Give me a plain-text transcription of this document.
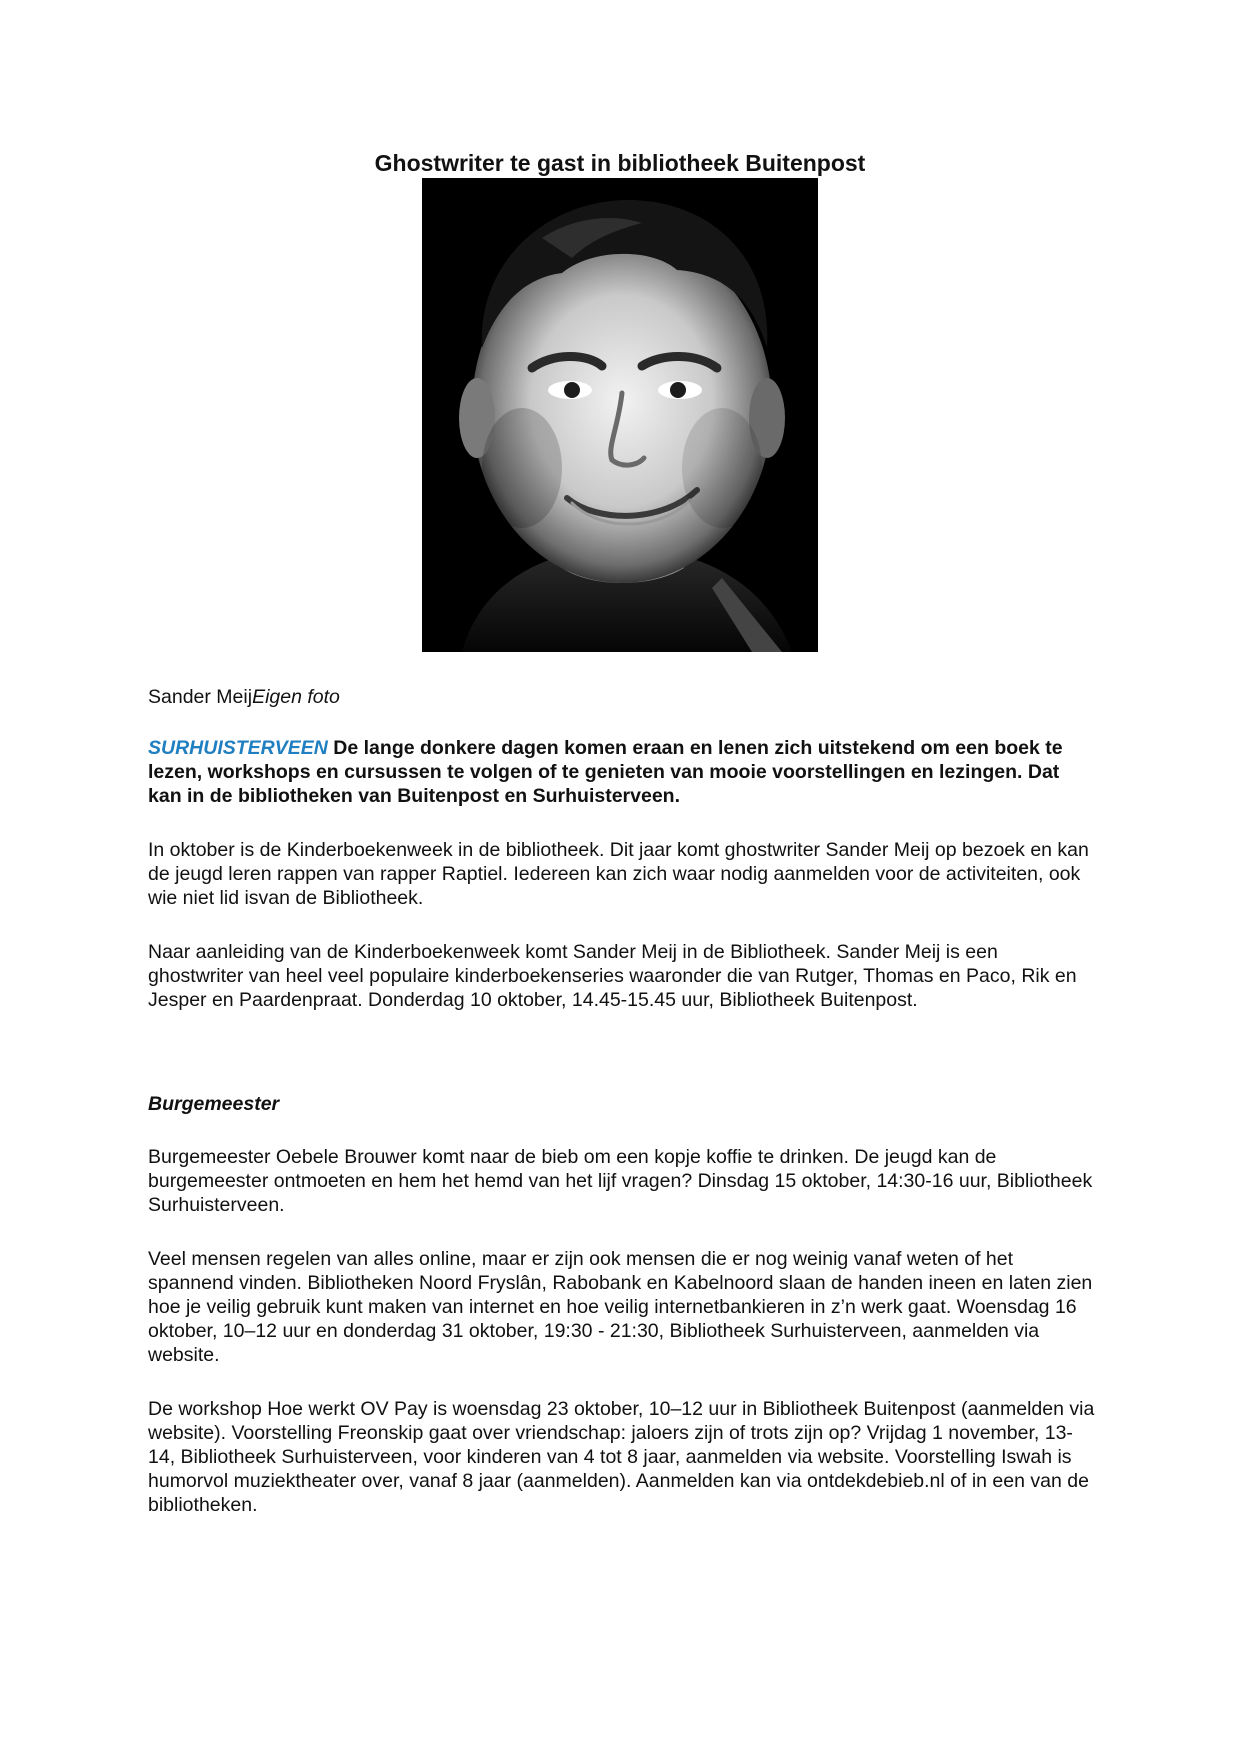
Ghostwriter te gast in bibliotheek Buitenpost

Sander MeijEigen foto

SURHUISTERVEEN De lange donkere dagen komen eraan en lenen zich uitstekend om een boek te lezen, workshops en cursussen te volgen of te genieten van mooie voorstellingen en lezingen. Dat kan in de bibliotheken van Buitenpost en Surhuisterveen.

In oktober is de Kinderboekenweek in de bibliotheek. Dit jaar komt ghostwriter Sander Meij op bezoek en kan de jeugd leren rappen van rapper Raptiel. Iedereen kan zich waar nodig aanmelden voor de activiteiten, ook wie niet lid isvan de Bibliotheek.

Naar aanleiding van de Kinderboekenweek komt Sander Meij in de Bibliotheek. Sander Meij is een ghostwriter van heel veel populaire kinderboekenseries waaronder die van Rutger, Thomas en Paco, Rik en Jesper en Paardenpraat. Donderdag 10 oktober, 14.45-15.45 uur, Bibliotheek Buitenpost.

Burgemeester

Burgemeester Oebele Brouwer komt naar de bieb om een kopje koffie te drinken. De jeugd kan de burgemeester ontmoeten en hem het hemd van het lijf vragen? Dinsdag 15 oktober, 14:30-16 uur, Bibliotheek Surhuisterveen.

Veel mensen regelen van alles online, maar er zijn ook mensen die er nog weinig vanaf weten of het spannend vinden. Bibliotheken Noord Fryslân, Rabobank en Kabelnoord slaan de handen ineen en laten zien hoe je veilig gebruik kunt maken van internet en hoe veilig internetbankieren in z’n werk gaat. Woensdag 16 oktober, 10–12 uur en donderdag 31 oktober, 19:30 - 21:30, Bibliotheek Surhuisterveen, aanmelden via website.

De workshop Hoe werkt OV Pay is woensdag 23 oktober, 10–12 uur in Bibliotheek Buitenpost (aanmelden via website). Voorstelling Freonskip gaat over vriendschap: jaloers zijn of trots zijn op? Vrijdag 1 november, 13-14, Bibliotheek Surhuisterveen, voor kinderen van 4 tot 8 jaar, aanmelden via website. Voorstelling Iswah is humorvol muziektheater over, vanaf 8 jaar (aanmelden). Aanmelden kan via ontdekdebieb.nl of in een van de bibliotheken.
